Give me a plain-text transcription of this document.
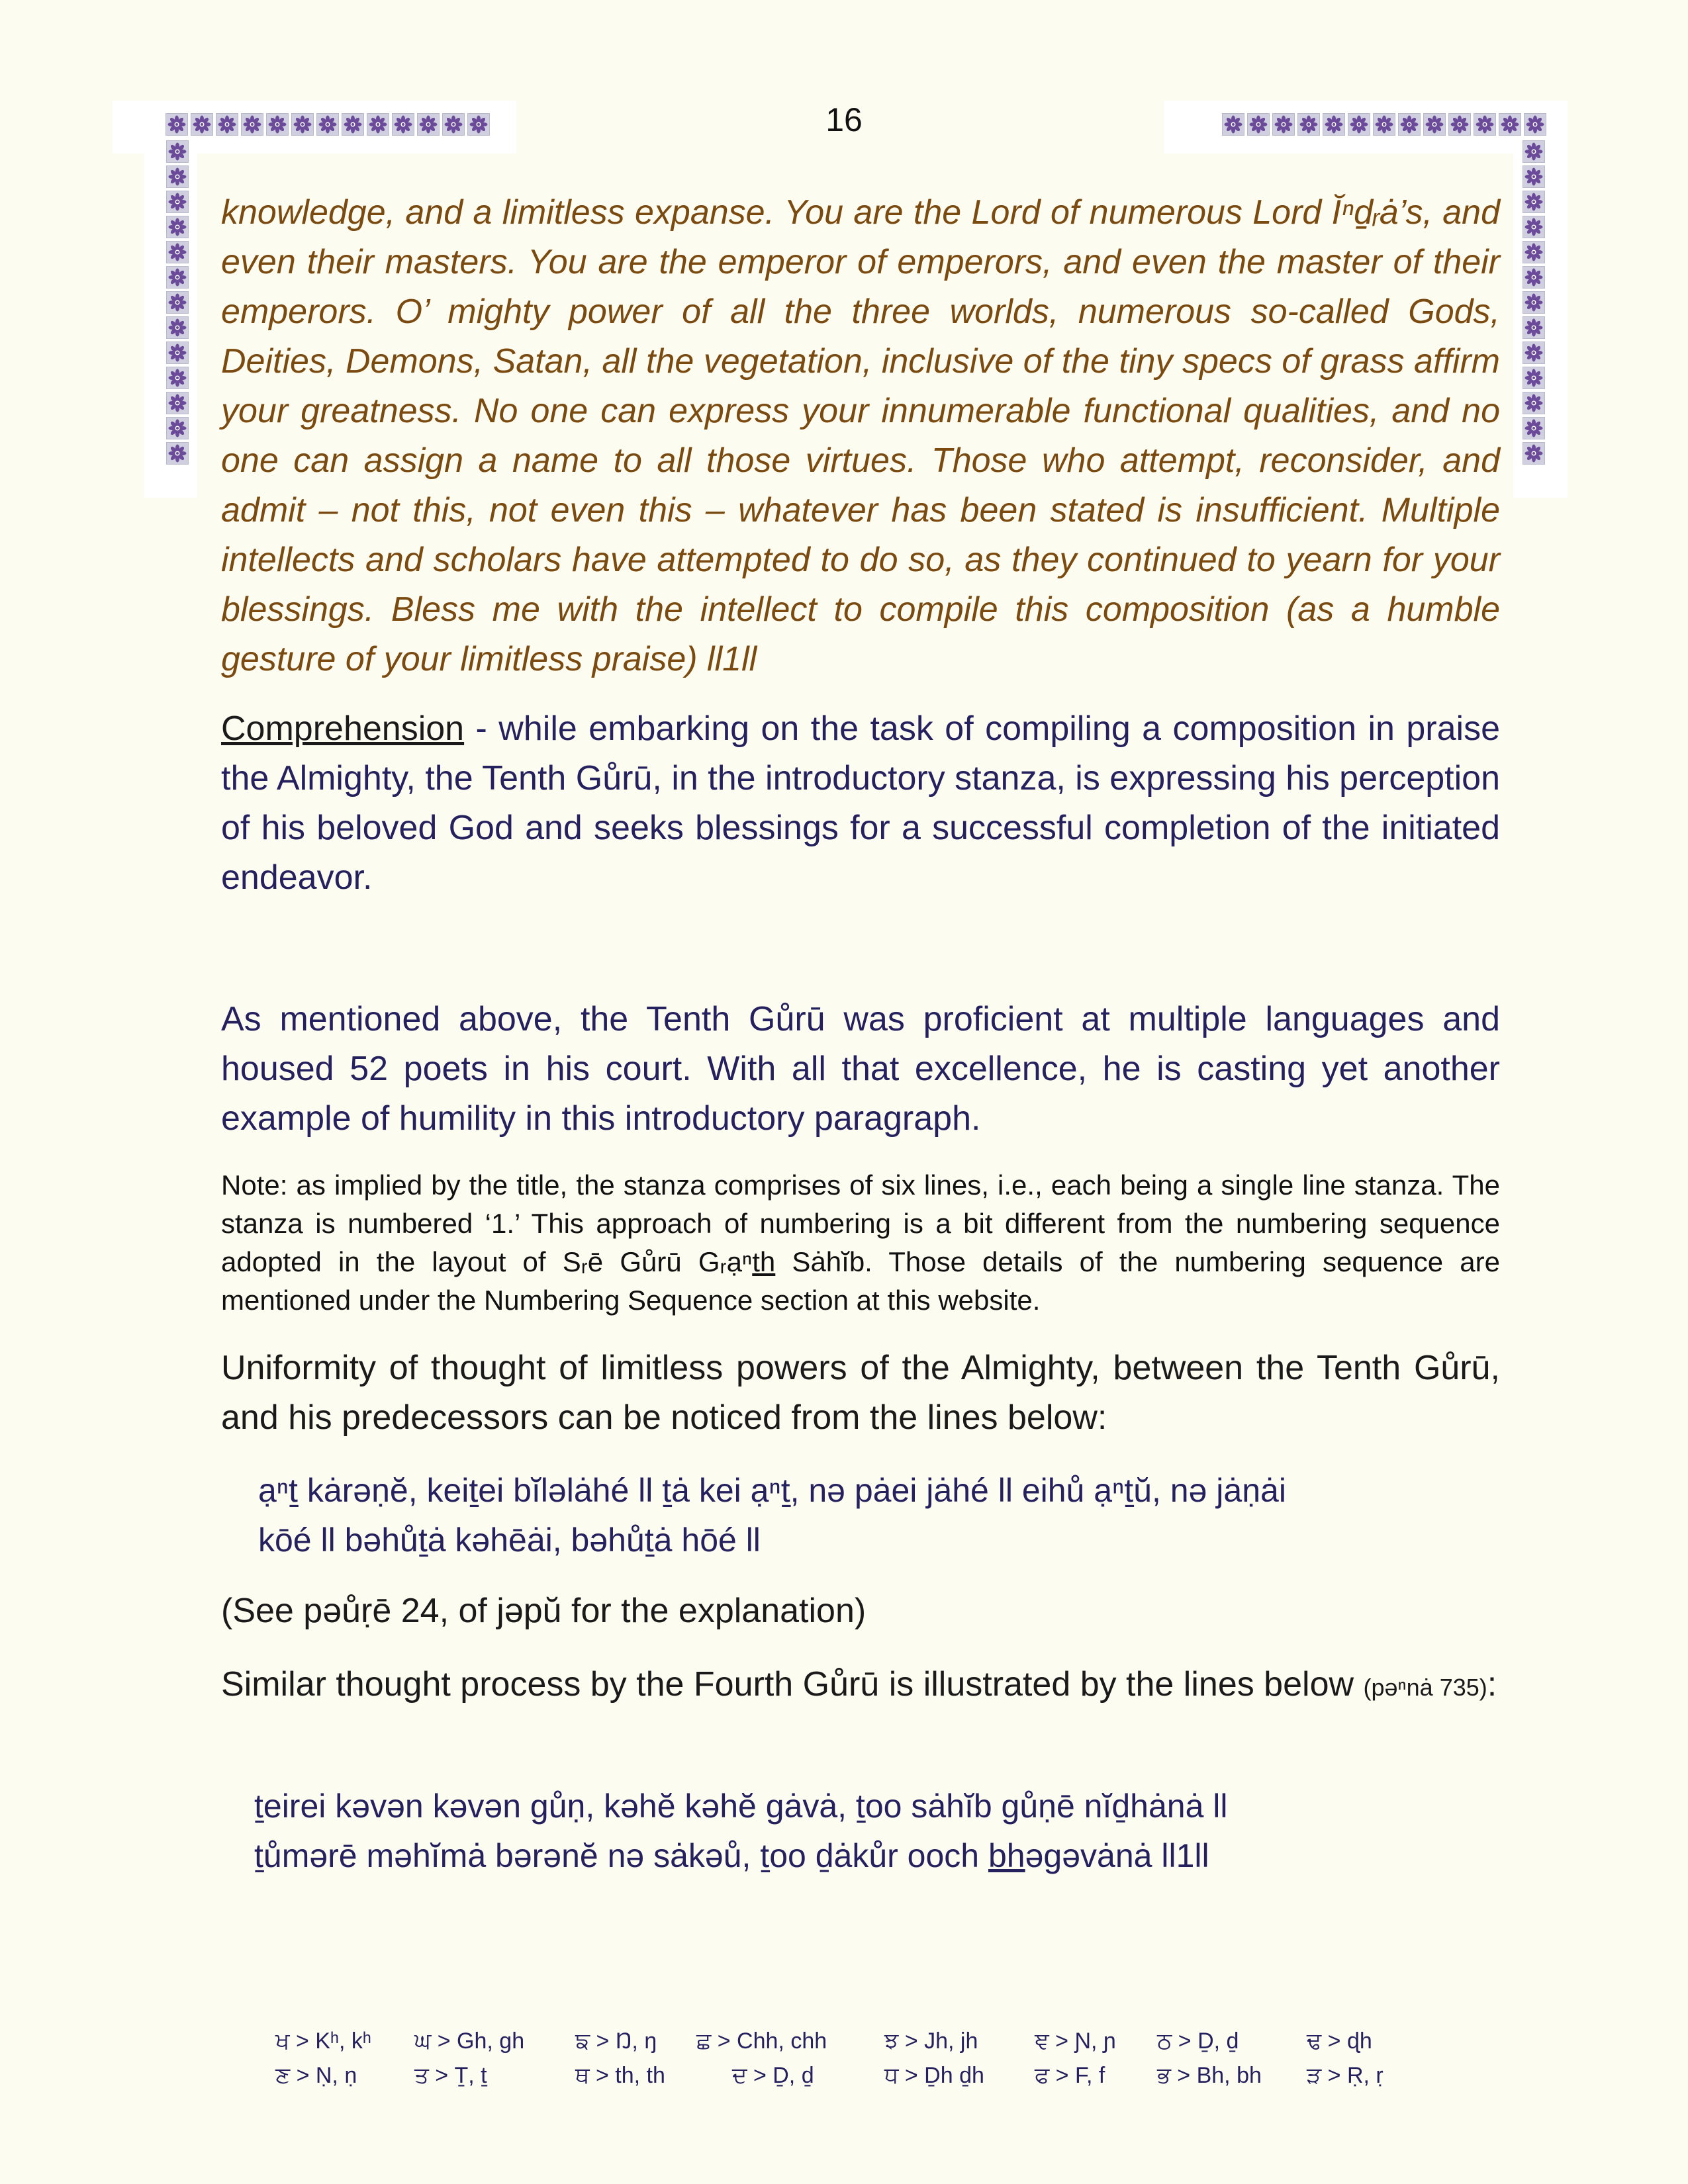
16
knowledge, and a limitless expanse. You are the Lord of numerous Lord Ĭⁿḏᵣȧ’s, and even their masters. You are the emperor of emperors, and even the master of their emperors. O’ mighty power of all the three worlds, numerous so-called Gods, Deities, Demons, Satan, all the vegetation, inclusive of the tiny specs of grass affirm your greatness. No one can express your innumerable functional qualities, and no one can assign a name to all those virtues. Those who attempt, reconsider, and admit – not this, not even this – whatever has been stated is insufficient. Multiple intellects and scholars have attempted to do so, as they continued to yearn for your blessings. Bless me with the intellect to compile this composition (as a humble gesture of your limitless praise) ll1ll
Comprehension - while embarking on the task of compiling a composition in praise the Almighty, the Tenth Gůrū, in the introductory stanza, is expressing his perception of his beloved God and seeks blessings for a successful completion of the initiated endeavor.
As mentioned above, the Tenth Gůrū was proficient at multiple languages and housed 52 poets in his court. With all that excellence, he is casting yet another example of humility in this introductory paragraph.
Note: as implied by the title, the stanza comprises of six lines, i.e., each being a single line stanza. The stanza is numbered ‘1.’ This approach of numbering is a bit different from the numbering sequence adopted in the layout of Sᵣē Gůrū Gᵣạⁿth Sȧhĭb. Those details of the numbering sequence are mentioned under the Numbering Sequence section at this website.
Uniformity of thought of limitless powers of the Almighty, between the Tenth Gůrū, and his predecessors can be noticed from the lines below:
ạⁿṯ kȧrəṇĕ, keiṯei bĭləlȧhé ll ṯȧ kei ạⁿṯ, nə pȧei jȧhé ll eihů ạⁿṯŭ, nə jȧṇȧi
kōé ll bəhůṯȧ kəhēȧi, bəhůṯȧ hōé ll
(See pəůṛē 24, of jəpŭ for the explanation)
Similar thought process by the Fourth Gůrū is illustrated by the lines below (pəⁿnȧ 735):
ṯeirei kəvən kəvən gůṇ, kəhĕ kəhĕ gȧvȧ, ṯoo sȧhĭb gůṇē nĭḏhȧnȧ ll
ṯůmərē məhĭmȧ bərənĕ nə sȧkəů, ṯoo ḏȧkůr ooch bhəgəvȧnȧ ll1ll
ਖ > Kʰ, kʰ ਘ > Gh, gh ਙ > Ŋ, ŋ ਛ > Chh, chh	ਝ > Jh, jh	ਞ > Ɲ, ɲ ਠ > Ḏ, ḏ	ਢ > ɖh
ਣ > Ṇ, ṇ	ਤ > Ṯ, ṯ	ਥ > th, th	ਦ > Ḏ, ḏ	ਧ > Ḏh ḏh ਫ > F, f ਭ > Bh, bh ੜ > Ṛ, ṛ
